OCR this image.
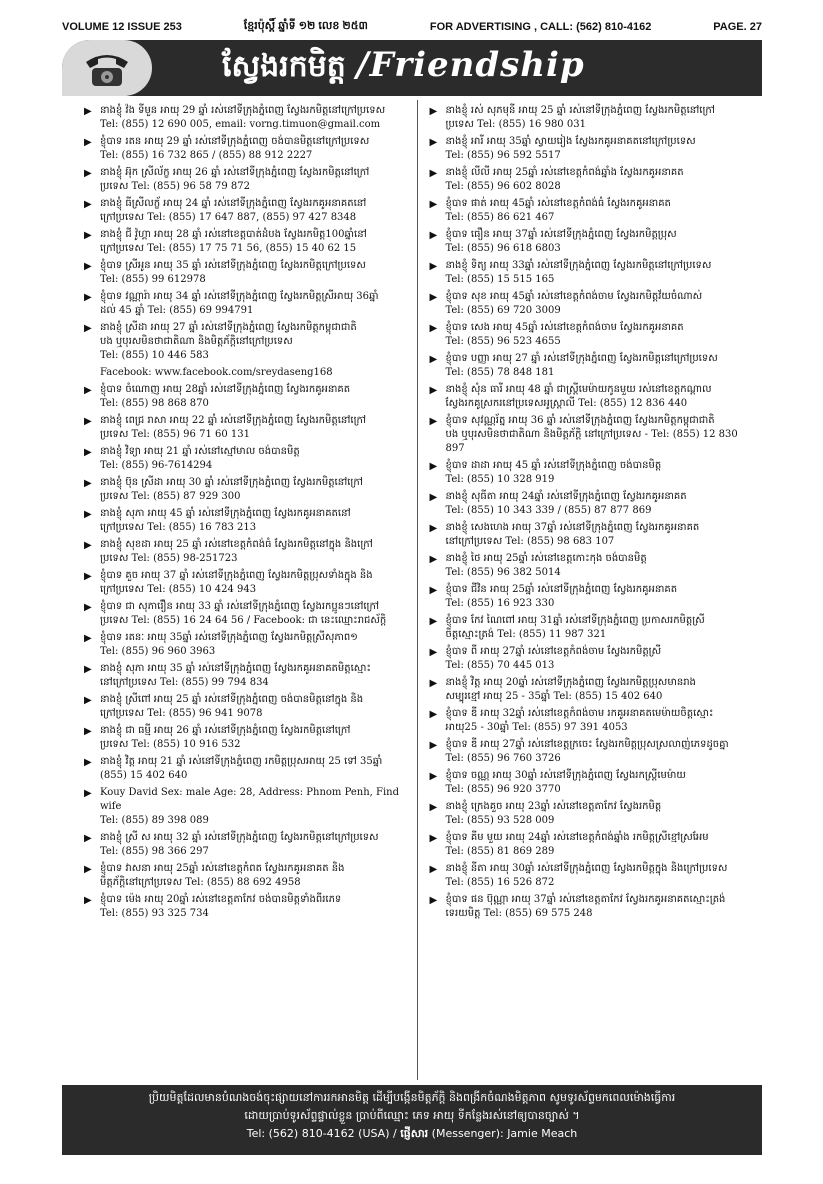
VOLUME 12 ISSUE 253	ខ្មែរប៉ុស្តិ៍ ឆ្នាំទី ១២ លេខ ២៥៣	FOR ADVERTISING , CALL: (562) 810-4162	PAGE. 27
ស្វែងរកមិត្ត /Friendship
▶ នាងខ្ញុំ វ៉ង ទីមួន អាយុ 29 ឆ្នាំ រស់នៅទីក្រុងភ្នំពេញ ស្វែងរកមិត្តនៅក្រៅប្រទេស
Tel: (855) 12 690 005, email: vorng.timuon@gmail.com
▶ ខ្ញុំបាទ រតន អាយុ 29 ឆ្នាំ រស់នៅទីក្រុងភ្នំពេញ ចង់បានមិត្តនៅក្រៅប្រទេស
Tel: (855) 16 732 865 / (855) 88 912 2227
▶ នាងខ្ញុំ អ៊ុក ស្រីល័ក្ខ អាយុ 26 ឆ្នាំ រស់នៅទីក្រុងភ្នំពេញ ស្វែងរកមិត្តនៅក្រៅ
ប្រទេស Tel: (855) 96 58 79 872
▶ នាងខ្ញុំ ធីស្រីលក្ខ័ អាយុ 24 ឆ្នាំ រស់នៅទីក្រុងភ្នំពេញ ស្វែងរកគូអនាគតនៅ
ក្រៅប្រទេស Tel: (855) 17 647 887, (855) 97 427 8348
▶ នាងខ្ញុំ ជី វ៉ូហ្គា អាយុ 28 ឆ្នាំ រស់នៅខេត្តបាត់ដំបង ស្វែងរកមិត្ត100ឆ្នាំនៅ
ក្រៅប្រទេស Tel: (855) 17 75 71 56, (855) 15 40 62 15
▶ ខ្ញុំបាទ ស្រីអូន អាយុ 35 ឆ្នាំ រស់នៅទីក្រុងភ្នំពេញ ស្វែងរកមិត្តក្រៅប្រទេស
Tel: (855) 99 612978
▶ ខ្ញុំបាទ វណ្ណារ៉ា អាយុ 34 ឆ្នាំ រស់នៅទីក្រុងភ្នំពេញ ស្វែងរកមិត្តស្រីអាយុ 36ឆ្នាំ
ដល់ 45 ឆ្នាំ Tel: (855) 69 994791
▶ នាងខ្ញុំ ស្រីដា អាយុ 27 ឆ្នាំ រស់នៅទីក្រុងភ្នំពេញ ស្វែងរកមិត្តកម្ពុជាជាតិ
បង ឬបុរសមិនថាជាតិណា និងមិត្តភ័ក្តិនៅក្រៅប្រទេស
Tel: (855) 10 446 583
Facebook: www.facebook.com/sreydaseng168
▶ ខ្ញុំបាទ ចំណោញ អាយុ 28ឆ្នាំ រស់នៅទីក្រុងភ្នំពេញ ស្វែងរកគូអនាគត
Tel: (855) 98 868 870
▶ នាងខ្ញុំ ពេជ្រ រាសា អាយុ 22 ឆ្នាំ រស់នៅទីក្រុងភ្នំពេញ ស្វែងរកមិត្តនៅក្រៅ
ប្រទេស Tel: (855) 96 71 60 131
▶ នាងខ្ញុំ វិទ្យា អាយុ 21 ឆ្នាំ រស់នៅស្មៅមាល ចង់បានមិត្ត
Tel: (855) 96-7614294
▶ នាងខ្ញុំ ប៊ុន ស្រីដា អាយុ 30 ឆ្នាំ រស់នៅទីក្រុងភ្នំពេញ ស្វែងរកមិត្តនៅក្រៅ
ប្រទេស Tel: (855) 87 929 300
▶ នាងខ្ញុំ សុភា អាយុ 45 ឆ្នាំ រស់នៅទីក្រុងភ្នំពេញ ស្វែងរកគូអនាគតនៅ
ក្រៅប្រទេស Tel: (855) 16 783 213
▶ នាងខ្ញុំ សុខដា អាយុ 25 ឆ្នាំ រស់នៅខេត្តកំពង់ធំ ស្វែងរកមិត្តនៅក្នុង និងក្រៅ
ប្រទេស Tel: (855) 98-251723
▶ ខ្ញុំបាទ គួច អាយុ 37 ឆ្នាំ រស់នៅទីក្រុងភ្នំពេញ ស្វែងរកមិត្តប្រុសទាំងក្នុង និង
ក្រៅប្រទេស Tel: (855) 10 424 943
▶ ខ្ញុំបាទ ជា សុភារ៉ឿន អាយុ 33 ឆ្នាំ រស់នៅទីក្រុងភ្នំពេញ ស្វែងរកប្អូនៗនៅក្រៅ
ប្រទេស Tel: (855) 16 24 64 56 / Facebook: ជា នេះឈ្មោះរាជស័ក្តិ
▶ ខ្ញុំបាទ រតនៈ អាយុ 35ឆ្នាំ រស់នៅទីក្រុងភ្នំពេញ ស្វែងរកមិត្តស្រីសុភាព១
Tel: (855) 96 960 3963
▶ នាងខ្ញុំ សុភា អាយុ 35 ឆ្នាំ រស់នៅទីក្រុងភ្នំពេញ ស្វែងរកគូអនាគតមិត្តស្មោះ
នៅក្រៅប្រទេស Tel: (855) 99 794 834
▶ នាងខ្ញុំ ស្រីពៅ អាយុ 25 ឆ្នាំ រស់នៅទីក្រុងភ្នំពេញ ចង់បានមិត្តនៅក្នុង និង
ក្រៅប្រទេស Tel: (855) 96 941 9078
▶ នាងខ្ញុំ ជា ធម្មី អាយុ 26 ឆ្នាំ រស់នៅទីក្រុងភ្នំពេញ ស្វែងរកមិត្តនៅក្រៅ
ប្រទេស Tel: (855) 10 916 532
▶ នាងខ្ញុំ វិត្ត អាយុ 21 ឆ្នាំ រស់នៅទីក្រុងភ្នំពេញ រកមិត្តប្រុសអាយុ 25 ទៅ 35ឆ្នាំ
(855) 15 402 640
▶ Kouy David Sex: male Age: 28, Address: Phnom Penh, Find wife
Tel: (855) 89 398 089
▶ នាងខ្ញុំ ស្រី ស អាយុ 32 ឆ្នាំ រស់នៅទីក្រុងភ្នំពេញ ស្វែងរកមិត្តនៅក្រៅប្រទេស
Tel: (855) 98 366 297
▶ ខ្ញុំបាទ វាសនា អាយុ 25ឆ្នាំ រស់នៅខេត្តកំពត ស្វែងរកគូអនាគត និង
មិត្តភ័ក្តិនៅក្រៅប្រទេស Tel: (855) 88 692 4958
▶ ខ្ញុំបាទ ម៉េង អាយុ 20ឆ្នាំ រស់នៅខេត្តតាកែវ ចង់បានមិត្តទាំងពីរភេទ
Tel: (855) 93 325 734
▶ នាងខ្ញុំ រស់ សុភមុនី អាយុ 25 ឆ្នាំ រស់នៅទីក្រុងភ្នំពេញ ស្វែងរកមិត្តនៅក្រៅ
ប្រទេស Tel: (855) 16 980 031
▶ នាងខ្ញុំ អារី អាយុ 35ឆ្នាំ ស្វាយរៀង ស្វែងរកគូអនាគតនៅក្រៅប្រទេស
Tel: (855) 96 592 5517
▶ នាងខ្ញុំ លីលី អាយុ 25ឆ្នាំ រស់នៅខេត្តកំពង់ឆ្នាំង ស្វែងរកគូអនាគត
Tel: (855) 96 602 8028
▶ ខ្ញុំបាទ ផាត់ អាយុ 45ឆ្នាំ រស់នៅខេត្តកំពង់ធំ ស្វែងរកគូអនាគត
Tel: (855) 86 621 467
▶ ខ្ញុំបាទ ធឿន អាយុ 37ឆ្នាំ រស់នៅទីក្រុងភ្នំពេញ ស្វែងរកមិត្តប្រុស
Tel: (855) 96 618 6803
▶ នាងខ្ញុំ ទិត្យ អាយុ 33ឆ្នាំ រស់នៅទីក្រុងភ្នំពេញ ស្វែងរកមិត្តនៅក្រៅប្រទេស
Tel: (855) 15 515 165
▶ ខ្ញុំបាទ សុខ អាយុ 45ឆ្នាំ រស់នៅខេត្តកំពង់ចាម ស្វែងរកមិត្តវ័យចំណាស់
Tel: (855) 69 720 3009
▶ ខ្ញុំបាទ សេង អាយុ 45ឆ្នាំ រស់នៅខេត្តកំពង់ចាម ស្វែងរកគូអនាគត
Tel: (855) 96 523 4655
▶ ខ្ញុំបាទ បញ្ញា អាយុ 27 ឆ្នាំ រស់នៅទីក្រុងភ្នំពេញ ស្វែងរកមិត្តនៅក្រៅប្រទេស
Tel: (855) 78 848 181
▶ នាងខ្ញុំ សុំន ធារី អាយុ 48 ឆ្នាំ ជាស្ត្រីមេម៉ាយកូនមួយ រស់នៅខេត្តកណ្តាល
ស្វែងរកគូស្រករនៅប្រទេសអូស្ត្រាលី Tel: (855) 12 836 440
▶ ខ្ញុំបាទ សុវណ្ណរ័ត្ន អាយុ 36 ឆ្នាំ រស់នៅទីក្រុងភ្នំពេញ ស្វែងរកមិត្តកម្ពុជាជាតិ
បង ឬបុរសមិនថាជាតិណា និងមិត្តភ័ក្តិ នៅក្រៅប្រទេស - Tel: (855) 12 830 897
▶ ខ្ញុំបាទ ដាដា អាយុ 45 ឆ្នាំ រស់នៅទីក្រុងភ្នំពេញ ចង់បានមិត្ត
Tel: (855) 10 328 919
▶ នាងខ្ញុំ សុធីតា អាយុ 24ឆ្នាំ រស់នៅទីក្រុងភ្នំពេញ ស្វែងរកគូអនាគត
Tel: (855) 10 343 339 / (855) 87 877 869
▶ នាងខ្ញុំ សេងហេង អាយុ 37ឆ្នាំ រស់នៅទីក្រុងភ្នំពេញ ស្វែងរកគូអនាគត
នៅក្រៅប្រទេស Tel: (855) 98 683 107
▶ នាងខ្ញុំ ថៃ អាយុ 25ឆ្នាំ រស់នៅខេត្តកោះកុង ចង់បានមិត្ត
Tel: (855) 96 382 5014
▶ ខ្ញុំបាទ ជីវិន អាយុ 25ឆ្នាំ រស់នៅទីក្រុងភ្នំពេញ ស្វែងរកគូអនាគត
Tel: (855) 16 923 330
▶ ខ្ញុំបាទ កែវ ណៃពៅ អាយុ 31ឆ្នាំ រស់នៅទីក្រុងភ្នំពេញ ប្រកាសរកមិត្តស្រី
ចិត្តស្មោះត្រង់ Tel: (855) 11 987 321
▶ ខ្ញុំបាទ ពី អាយុ 27ឆ្នាំ រស់នៅខេត្តកំពង់ចាម ស្វែងរកមិត្តស្រី
Tel: (855) 70 445 013
▶ នាងខ្ញុំ វិត្ត អាយុ 20ឆ្នាំ រស់នៅទីក្រុងភ្នំពេញ ស្វែងរកមិត្តប្រុសមានរាង
សម្បុរខ្មៅ អាយុ 25 - 35ឆ្នាំ Tel: (855) 15 402 640
▶ ខ្ញុំបាទ ឌី អាយុ 32ឆ្នាំ រស់នៅខេត្តកំពង់ចាម រកគូអនាគតមេម៉ាយចិត្តស្មោះ
អាយុ25 - 30ឆ្នាំ Tel: (855) 97 391 4053
▶ ខ្ញុំបាទ ឌី អាយុ 27ឆ្នាំ រស់នៅខេត្តក្រចេះ ស្វែងរកមិត្តប្រុសស្រលាញ់ភេទដូចគ្នា
Tel: (855) 96 760 3726
▶ ខ្ញុំបាទ ចណ្ណ អាយុ 30ឆ្នាំ រស់នៅទីក្រុងភ្នំពេញ ស្វែងរកស្ត្រីមេម៉ាយ
Tel: (855) 96 920 3770
▶ នាងខ្ញុំ ក្រេងគួច អាយុ 23ឆ្នាំ រស់នៅខេត្តតាកែវ ស្វែងរកមិត្ត
Tel: (855) 93 528 009
▶ ខ្ញុំបាទ គីម មួយ អាយុ 24ឆ្នាំ រស់នៅខេត្តកំពង់ឆ្នាំង រកមិត្តស្រីខ្មៅស្រអែម
Tel: (855) 81 869 289
▶ នាងខ្ញុំ នីតា អាយុ 30ឆ្នាំ រស់នៅទីក្រុងភ្នំពេញ ស្វែងរកមិត្តក្នុង និងក្រៅប្រទេស
Tel: (855) 16 526 872
▶ ខ្ញុំបាទ ផន ប៊ុណ្ណា អាយុ 37ឆ្នាំ រស់នៅខេត្តតាកែវ ស្វែងរកគូអនាគតស្មោះត្រង់
ទេរយមិត្ត Tel: (855) 69 575 248
ប្រិយមិត្តដែលមានបំណងចង់ចុះផ្សាយនៅការរកអានមិត្ត ដើម្បីបង្កើនមិត្តភ័ក្តិ និងពង្រីកចំណងមិត្តភាព សូមទូរស័ព្ទមកពេលម៉ោងធ្វើការ
ដោយប្រាប់ទូរស័ព្ទផ្ទាល់ខ្លួន ប្រាប់ពីឈ្មោះ ភេទ អាយុ ទីកន្លែងរស់នៅឲ្យបានច្បាស់ ។
Tel: (562) 810-4162 (USA) / ផ្ញើសារ (Messenger): Jamie Meach
